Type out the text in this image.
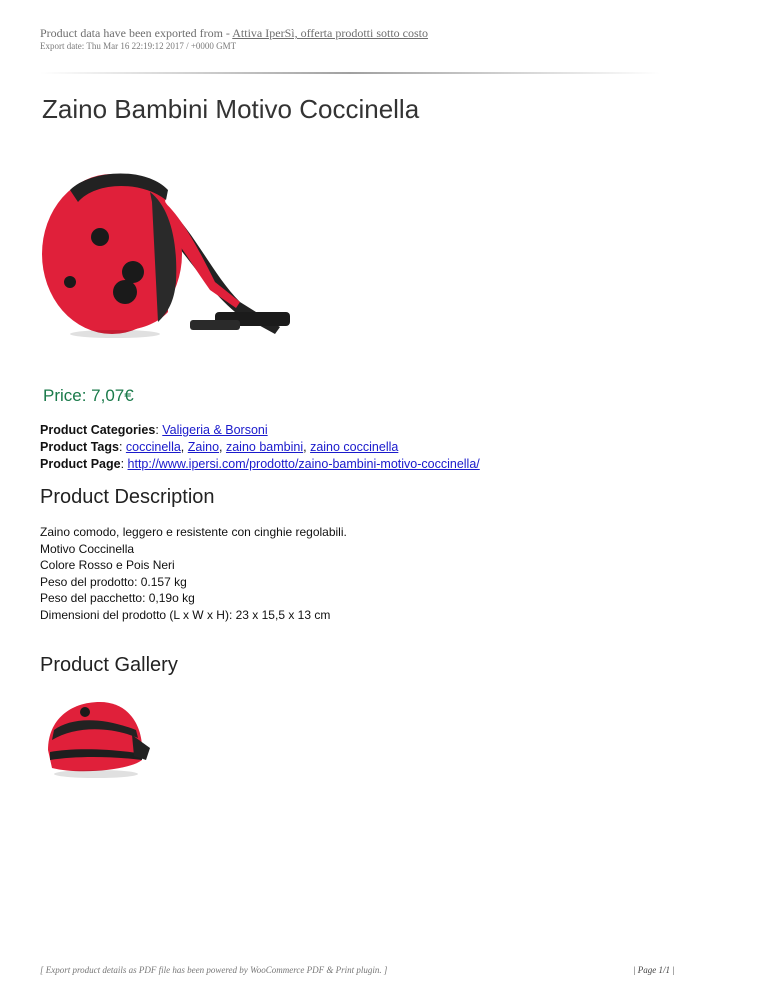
Product data have been exported from - Attiva IperSì, offerta prodotti sotto costo
Export date: Thu Mar 16 22:19:12 2017 / +0000 GMT
Zaino Bambini Motivo Coccinella
Price: 7,07€
Product Categories: Valigeria & Borsoni
Product Tags: coccinella, Zaino, zaino bambini, zaino coccinella
Product Page: http://www.ipersi.com/prodotto/zaino-bambini-motivo-coccinella/
Product Description
Zaino comodo, leggero e resistente con cinghie regolabili.
Motivo Coccinella
Colore Rosso e Pois Neri
Peso del prodotto: 0.157 kg
Peso del pacchetto: 0,19o kg
Dimensioni del prodotto (L x W x H): 23 x 15,5 x 13 cm
Product Gallery
[ Export product details as PDF file has been powered by WooCommerce PDF & Print plugin. ]	| Page 1/1 |
